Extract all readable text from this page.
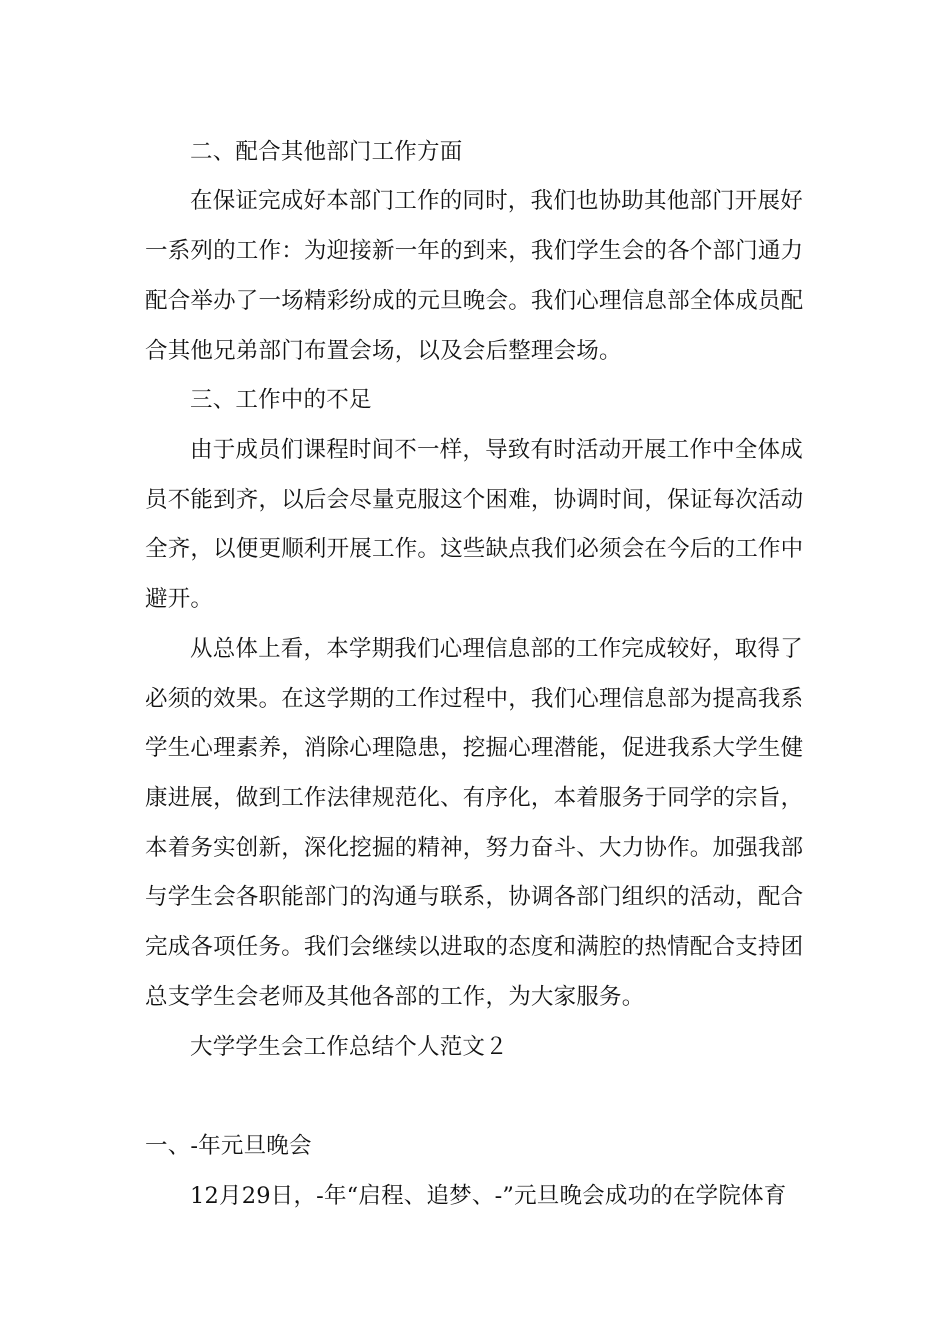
二、配合其他部门工作方面
在保证完成好本部门工作的同时，我们也协助其他部门开展好
一系列的工作：为迎接新一年的到来，我们学生会的各个部门通力
配合举办了一场精彩纷成的元旦晚会。我们心理信息部全体成员配
合其他兄弟部门布置会场，以及会后整理会场。
三、工作中的不足
由于成员们课程时间不一样，导致有时活动开展工作中全体成
员不能到齐，以后会尽量克服这个困难，协调时间，保证每次活动
全齐，以便更顺利开展工作。这些缺点我们必须会在今后的工作中
避开。
从总体上看，本学期我们心理信息部的工作完成较好，取得了
必须的效果。在这学期的工作过程中，我们心理信息部为提高我系
学生心理素养，消除心理隐患，挖掘心理潜能，促进我系大学生健
康进展，做到工作法律规范化、有序化，本着服务于同学的宗旨，
本着务实创新，深化挖掘的精神，努力奋斗、大力协作。加强我部
与学生会各职能部门的沟通与联系，协调各部门组织的活动，配合
完成各项任务。我们会继续以进取的态度和满腔的热情配合支持团
总支学生会老师及其他各部的工作，为大家服务。
大学学生会工作总结个人范文２
一、-年元旦晚会
12月29日，-年“启程、追梦、-”元旦晚会成功的在学院体育
